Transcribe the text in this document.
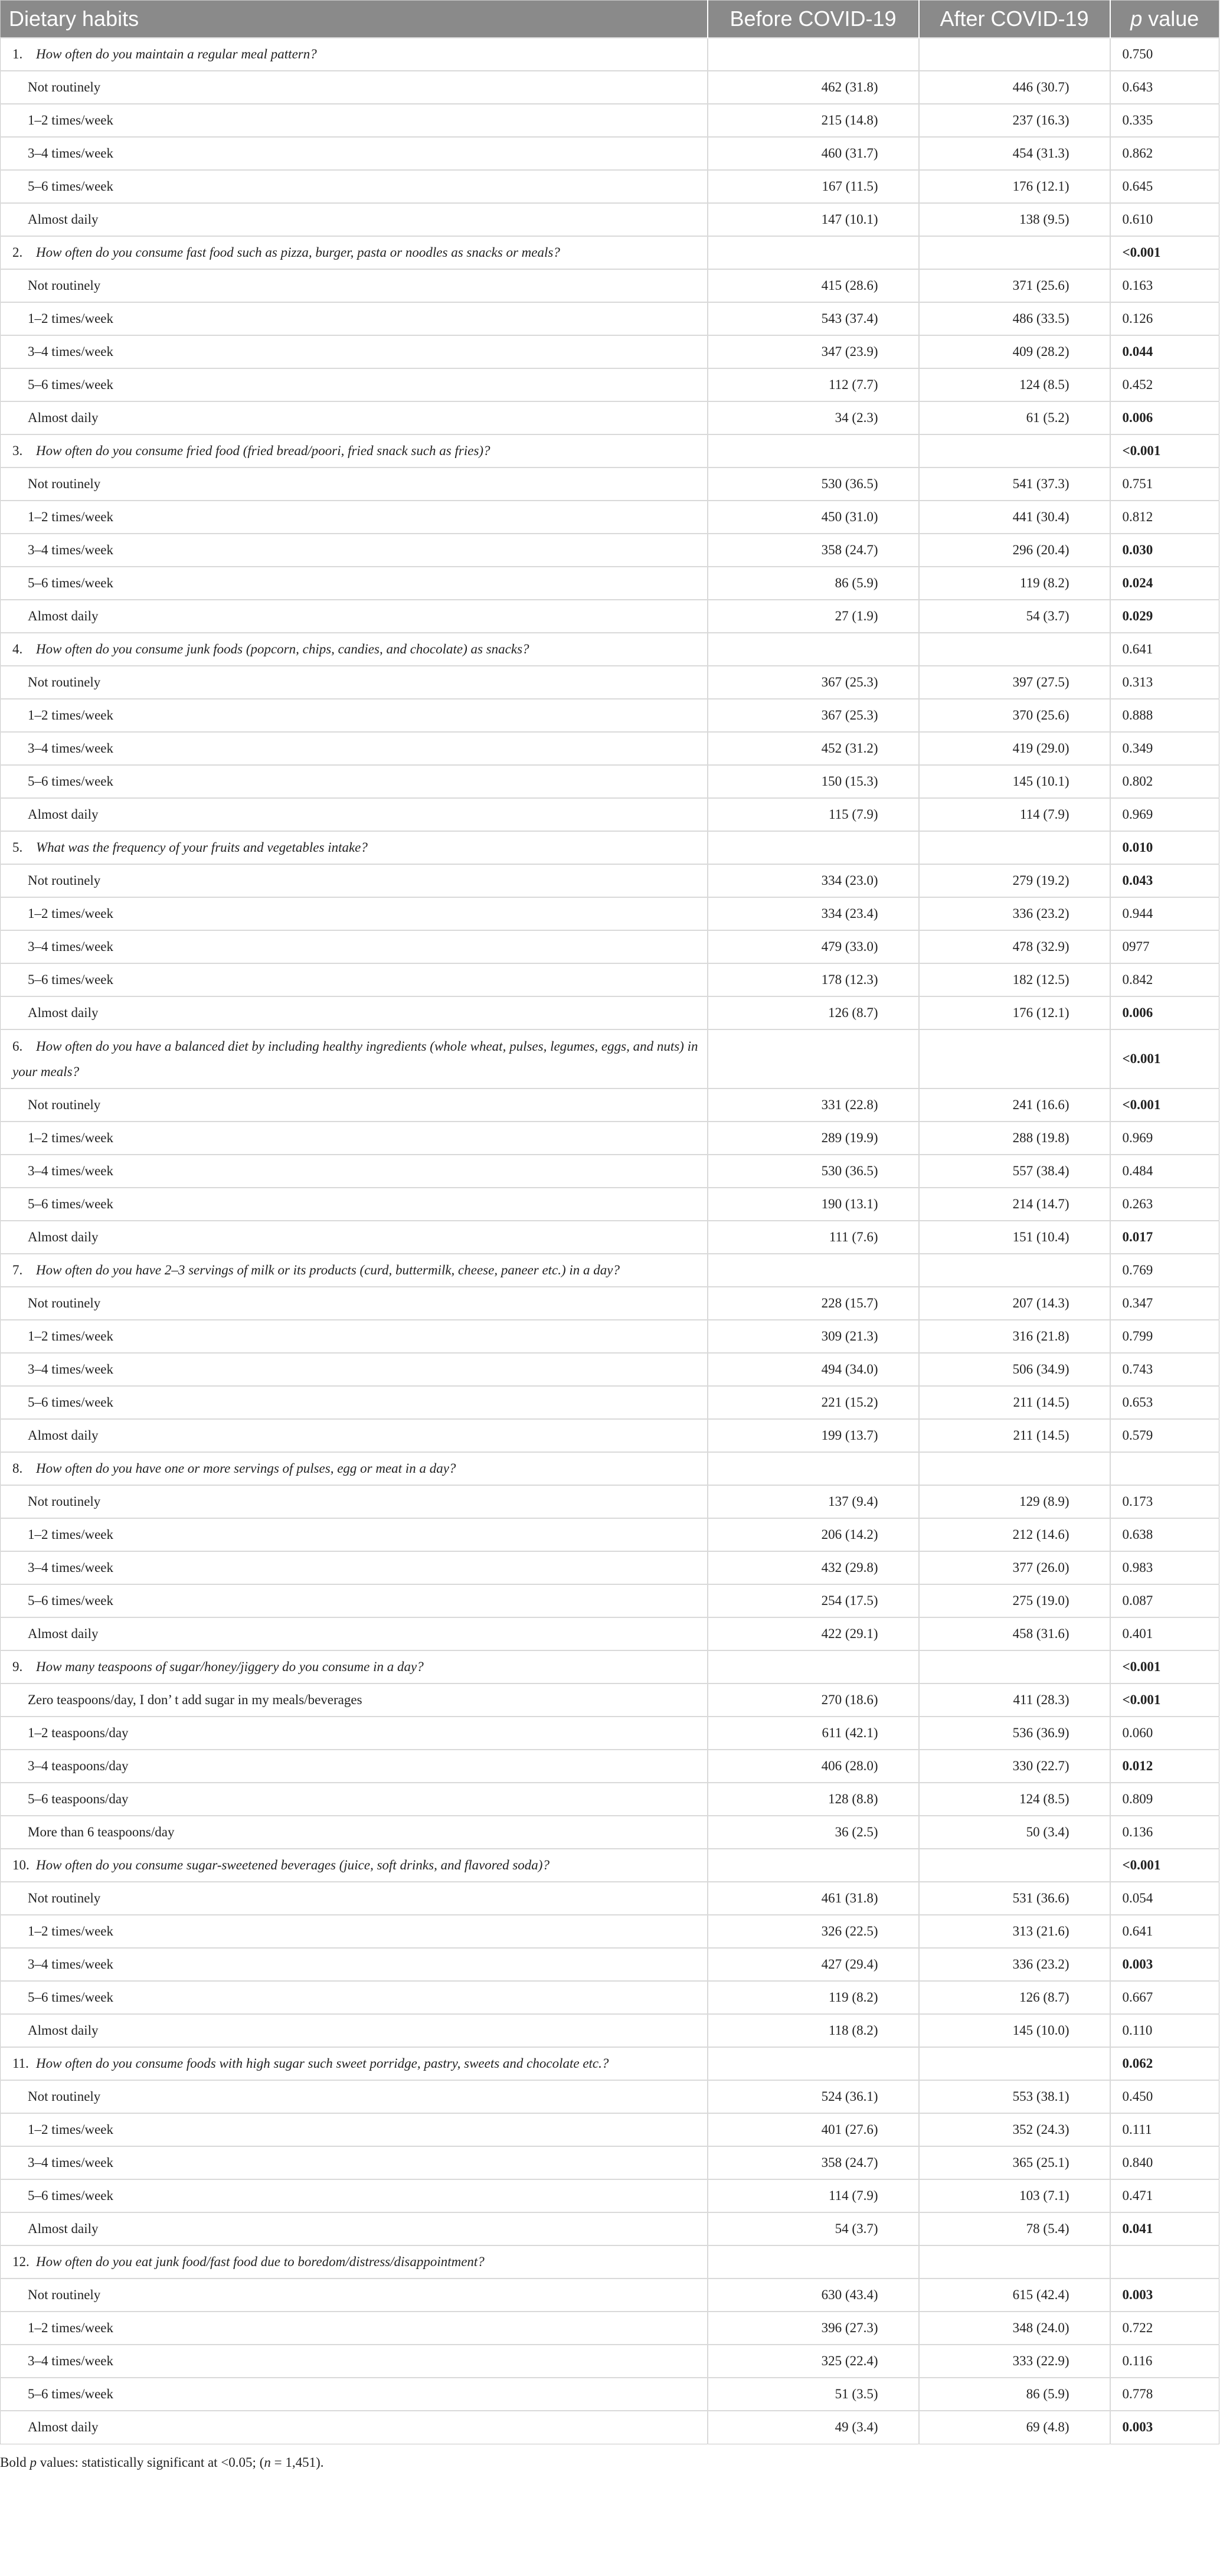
Dietary habits	Before COVID-19	After COVID-19	p value
1. How often do you maintain a regular meal pattern?			0.750
Not routinely	462 (31.8)	446 (30.7)	0.643
1–2 times/week	215 (14.8)	237 (16.3)	0.335
3–4 times/week	460 (31.7)	454 (31.3)	0.862
5–6 times/week	167 (11.5)	176 (12.1)	0.645
Almost daily	147 (10.1)	138 (9.5)	0.610
2. How often do you consume fast food such as pizza, burger, pasta or noodles as snacks or meals?			<0.001
Not routinely	415 (28.6)	371 (25.6)	0.163
1–2 times/week	543 (37.4)	486 (33.5)	0.126
3–4 times/week	347 (23.9)	409 (28.2)	0.044
5–6 times/week	112 (7.7)	124 (8.5)	0.452
Almost daily	34 (2.3)	61 (5.2)	0.006
3. How often do you consume fried food (fried bread/poori, fried snack such as fries)?			<0.001
Not routinely	530 (36.5)	541 (37.3)	0.751
1–2 times/week	450 (31.0)	441 (30.4)	0.812
3–4 times/week	358 (24.7)	296 (20.4)	0.030
5–6 times/week	86 (5.9)	119 (8.2)	0.024
Almost daily	27 (1.9)	54 (3.7)	0.029
4. How often do you consume junk foods (popcorn, chips, candies, and chocolate) as snacks?			0.641
Not routinely	367 (25.3)	397 (27.5)	0.313
1–2 times/week	367 (25.3)	370 (25.6)	0.888
3–4 times/week	452 (31.2)	419 (29.0)	0.349
5–6 times/week	150 (15.3)	145 (10.1)	0.802
Almost daily	115 (7.9)	114 (7.9)	0.969
5. What was the frequency of your fruits and vegetables intake?			0.010
Not routinely	334 (23.0)	279 (19.2)	0.043
1–2 times/week	334 (23.4)	336 (23.2)	0.944
3–4 times/week	479 (33.0)	478 (32.9)	0977
5–6 times/week	178 (12.3)	182 (12.5)	0.842
Almost daily	126 (8.7)	176 (12.1)	0.006
6. How often do you have a balanced diet by including healthy ingredients (whole wheat, pulses, legumes, eggs, and nuts) in your meals?			<0.001
Not routinely	331 (22.8)	241 (16.6)	<0.001
1–2 times/week	289 (19.9)	288 (19.8)	0.969
3–4 times/week	530 (36.5)	557 (38.4)	0.484
5–6 times/week	190 (13.1)	214 (14.7)	0.263
Almost daily	111 (7.6)	151 (10.4)	0.017
7. How often do you have 2–3 servings of milk or its products (curd, buttermilk, cheese, paneer etc.) in a day?			0.769
Not routinely	228 (15.7)	207 (14.3)	0.347
1–2 times/week	309 (21.3)	316 (21.8)	0.799
3–4 times/week	494 (34.0)	506 (34.9)	0.743
5–6 times/week	221 (15.2)	211 (14.5)	0.653
Almost daily	199 (13.7)	211 (14.5)	0.579
8. How often do you have one or more servings of pulses, egg or meat in a day?			
Not routinely	137 (9.4)	129 (8.9)	0.173
1–2 times/week	206 (14.2)	212 (14.6)	0.638
3–4 times/week	432 (29.8)	377 (26.0)	0.983
5–6 times/week	254 (17.5)	275 (19.0)	0.087
Almost daily	422 (29.1)	458 (31.6)	0.401
9. How many teaspoons of sugar/honey/jiggery do you consume in a day?			<0.001
Zero teaspoons/day, I don’ t add sugar in my meals/beverages	270 (18.6)	411 (28.3)	<0.001
1–2 teaspoons/day	611 (42.1)	536 (36.9)	0.060
3–4 teaspoons/day	406 (28.0)	330 (22.7)	0.012
5–6 teaspoons/day	128 (8.8)	124 (8.5)	0.809
More than 6 teaspoons/day	36 (2.5)	50 (3.4)	0.136
10. How often do you consume sugar-sweetened beverages (juice, soft drinks, and flavored soda)?			<0.001
Not routinely	461 (31.8)	531 (36.6)	0.054
1–2 times/week	326 (22.5)	313 (21.6)	0.641
3–4 times/week	427 (29.4)	336 (23.2)	0.003
5–6 times/week	119 (8.2)	126 (8.7)	0.667
Almost daily	118 (8.2)	145 (10.0)	0.110
11. How often do you consume foods with high sugar such sweet porridge, pastry, sweets and chocolate etc.?			0.062
Not routinely	524 (36.1)	553 (38.1)	0.450
1–2 times/week	401 (27.6)	352 (24.3)	0.111
3–4 times/week	358 (24.7)	365 (25.1)	0.840
5–6 times/week	114 (7.9)	103 (7.1)	0.471
Almost daily	54 (3.7)	78 (5.4)	0.041
12. How often do you eat junk food/fast food due to boredom/distress/disappointment?			
Not routinely	630 (43.4)	615 (42.4)	0.003
1–2 times/week	396 (27.3)	348 (24.0)	0.722
3–4 times/week	325 (22.4)	333 (22.9)	0.116
5–6 times/week	51 (3.5)	86 (5.9)	0.778
Almost daily	49 (3.4)	69 (4.8)	0.003
Bold p values: statistically significant at <0.05; (n = 1,451).
